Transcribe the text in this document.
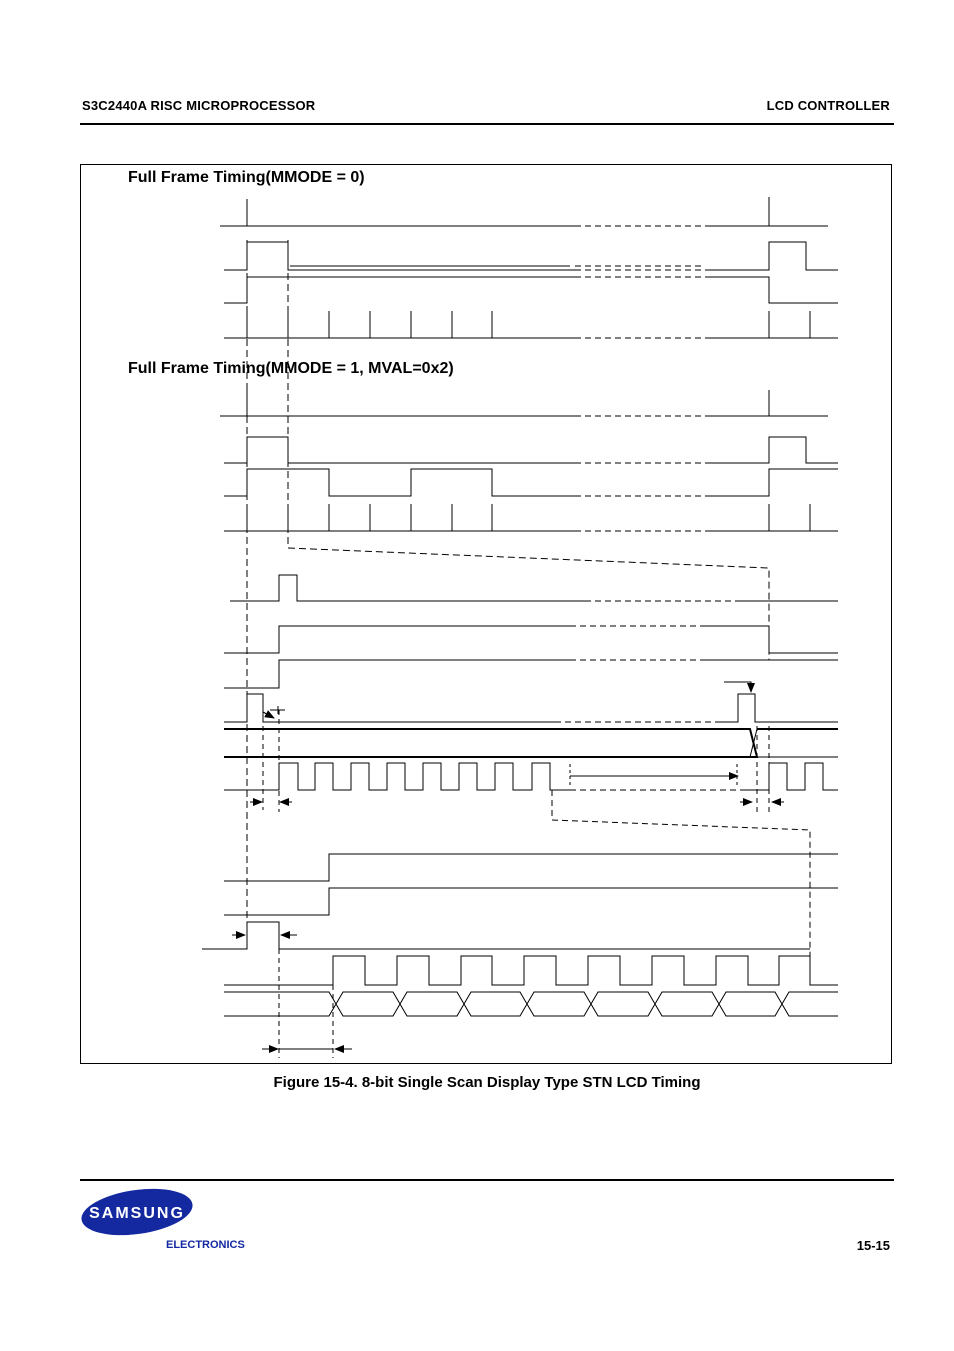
S3C2440A RISC MICROPROCESSOR	LCD CONTROLLER
Full Frame Timing(MMODE = 0)
Full Frame Timing(MMODE = 1, MVAL=0x2)
Figure 15-4. 8-bit Single Scan Display Type STN LCD Timing
SAMSUNG
ELECTRONICS	15-15
